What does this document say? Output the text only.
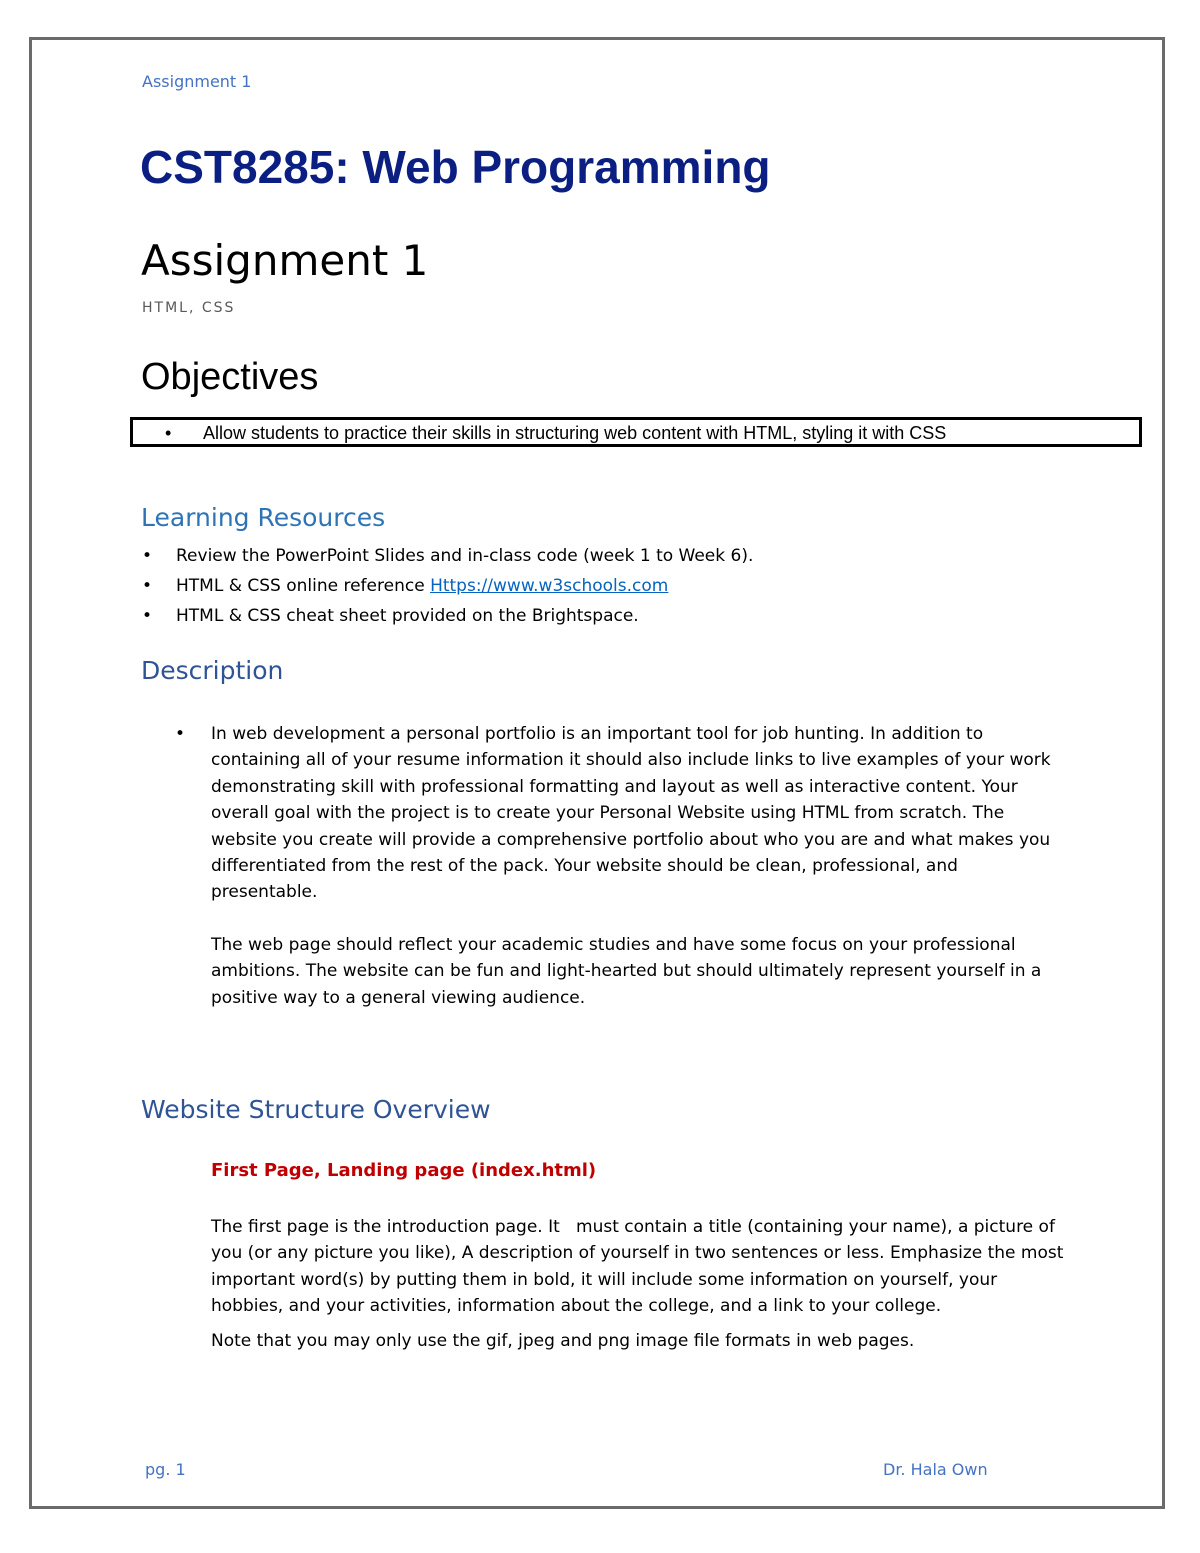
Assignment 1
CST8285: Web Programming
Assignment 1
HTML, CSS
Objectives
• Allow students to practice their skills in structuring web content with HTML, styling it with CSS
Learning Resources
• Review the PowerPoint Slides and in-class code (week 1 to Week 6).
• HTML & CSS online reference Https://www.w3schools.com
• HTML & CSS cheat sheet provided on the Brightspace.
Description
• In web development a personal portfolio is an important tool for job hunting. In addition to containing all of your resume information it should also include links to live examples of your work demonstrating skill with professional formatting and layout as well as interactive content. Your overall goal with the project is to create your Personal Website using HTML from scratch. The website you create will provide a comprehensive portfolio about who you are and what makes you differentiated from the rest of the pack. Your website should be clean, professional, and presentable.

The web page should reflect your academic studies and have some focus on your professional ambitions. The website can be fun and light-hearted but should ultimately represent yourself in a positive way to a general viewing audience.

Website Structure Overview
First Page, Landing page (index.html)

The first page is the introduction page. It   must contain a title (containing your name), a picture of you (or any picture you like), A description of yourself in two sentences or less. Emphasize the most important word(s) by putting them in bold, it will include some information on yourself, your hobbies, and your activities, information about the college, and a link to your college.

Note that you may only use the gif, jpeg and png image file formats in web pages.

pg. 1	Dr. Hala Own
